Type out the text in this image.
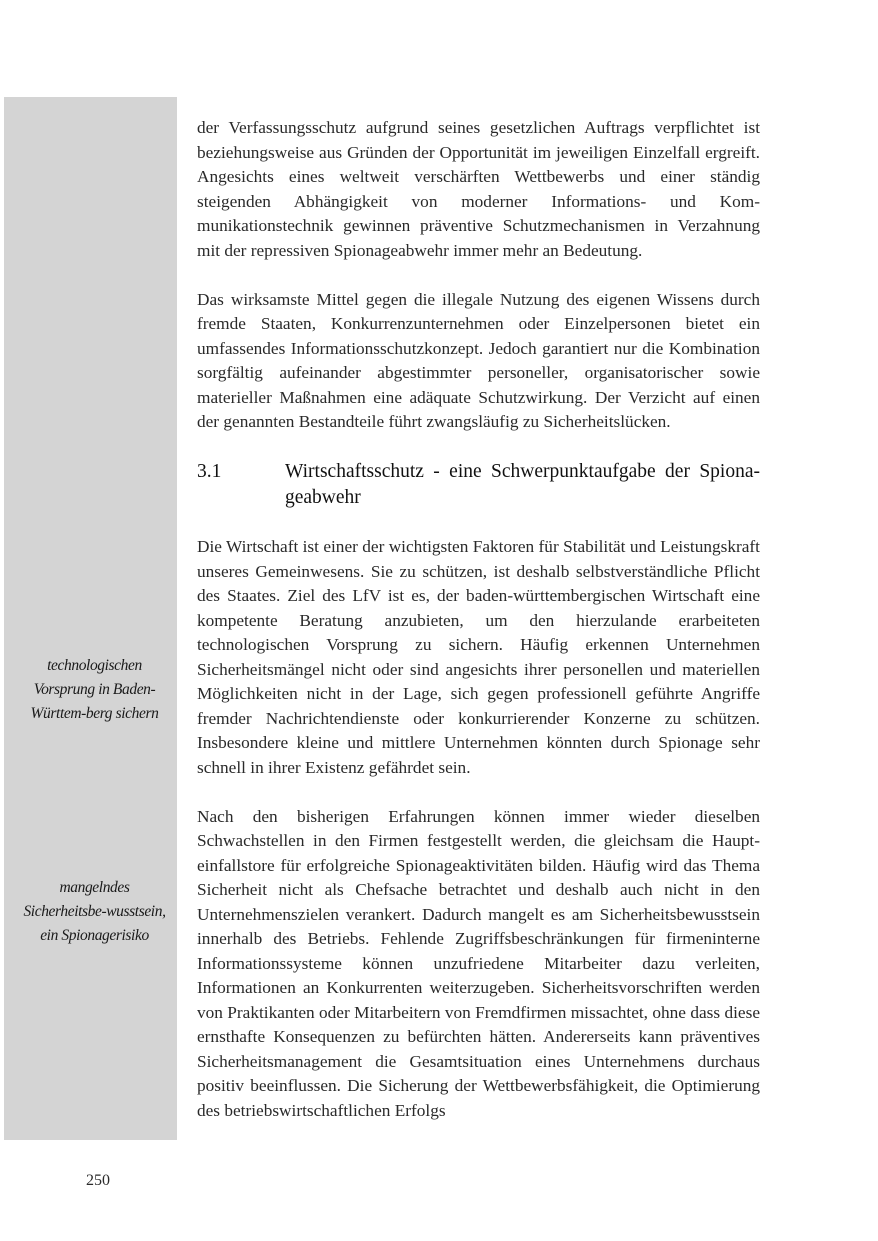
technologischen Vorsprung in Baden-Württem-berg sichern
mangelndes Sicherheitsbe-wusstsein, ein Spionagerisiko

der Verfassungsschutz aufgrund seines gesetzlichen Auftrags verpflichtet ist beziehungsweise aus Gründen der Opportunität im jeweiligen Einzelfall ergreift. Angesichts eines weltweit verschärften Wettbewerbs und einer ständig steigenden Abhängigkeit von moderner Informations- und Kommunikationstechnik gewinnen präventive Schutzmechanismen in Verzahnung mit der repressiven Spionageabwehr immer mehr an Bedeutung.

Das wirksamste Mittel gegen die illegale Nutzung des eigenen Wissens durch fremde Staaten, Konkurrenzunternehmen oder Einzelpersonen bietet ein umfassendes Informationsschutzkonzept. Jedoch garantiert nur die Kombination sorgfältig aufeinander abgestimmter personeller, organisatorischer sowie materieller Maßnahmen eine adäquate Schutzwirkung. Der Verzicht auf einen der genannten Bestandteile führt zwangsläufig zu Sicherheitslücken.

3.1	Wirtschaftsschutz - eine Schwerpunktaufgabe der Spionageabwehr

Die Wirtschaft ist einer der wichtigsten Faktoren für Stabilität und Leistungskraft unseres Gemeinwesens. Sie zu schützen, ist deshalb selbstverständliche Pflicht des Staates. Ziel des LfV ist es, der baden-württembergischen Wirtschaft eine kompetente Beratung anzubieten, um den hierzulande erarbeiteten technologischen Vorsprung zu sichern. Häufig erkennen Unternehmen Sicherheitsmängel nicht oder sind angesichts ihrer personellen und materiellen Möglichkeiten nicht in der Lage, sich gegen professionell geführte Angriffe fremder Nachrichtendienste oder konkurrierender Konzerne zu schützen. Insbesondere kleine und mittlere Unternehmen könnten durch Spionage sehr schnell in ihrer Existenz gefährdet sein.

Nach den bisherigen Erfahrungen können immer wieder dieselben Schwachstellen in den Firmen festgestellt werden, die gleichsam die Haupteinfallstore für erfolgreiche Spionageaktivitäten bilden. Häufig wird das Thema Sicherheit nicht als Chefsache betrachtet und deshalb auch nicht in den Unternehmenszielen verankert. Dadurch mangelt es am Sicherheitsbewusstsein innerhalb des Betriebs. Fehlende Zugriffsbeschränkungen für firmeninterne Informationssysteme können unzufriedene Mitarbeiter dazu verleiten, Informationen an Konkurrenten weiterzugeben. Sicherheitsvorschriften werden von Praktikanten oder Mitarbeitern von Fremdfirmen missachtet, ohne dass diese ernsthafte Konsequenzen zu befürchten hätten. Andererseits kann präventives Sicherheitsmanagement die Gesamtsituation eines Unternehmens durchaus positiv beeinflussen. Die Sicherung der Wettbewerbsfähigkeit, die Optimierung des betriebswirtschaftlichen Erfolgs

250
